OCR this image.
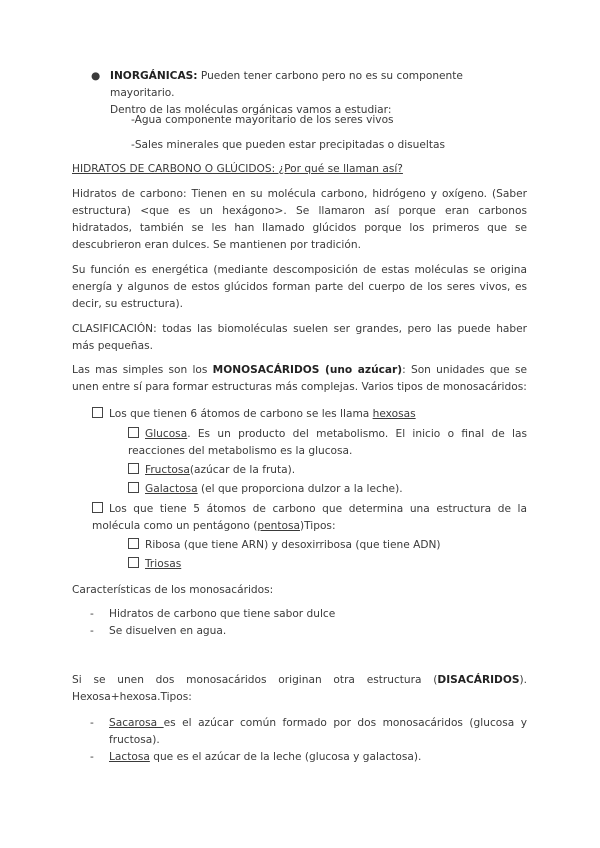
● INORGÁNICAS: Pueden tener carbono pero no es su componente mayoritario.
Dentro de las moléculas orgánicas vamos a estudiar:
-Agua componente mayoritario de los seres vivos
-Sales minerales que pueden estar precipitadas o disueltas
HIDRATOS DE CARBONO O GLÚCIDOS: ¿Por qué se llaman así?
Hidratos de carbono: Tienen en su molécula carbono, hidrógeno y oxígeno. (Saber estructura) <que es un hexágono>. Se llamaron así porque eran carbonos hidratados, también se les han llamado glúcidos porque los primeros que se descubrieron eran dulces. Se mantienen por tradición.
Su función es energética (mediante descomposición de estas moléculas se origina energía y algunos de estos glúcidos forman parte del cuerpo de los seres vivos, es decir, su estructura).
CLASIFICACIÓN: todas las biomoléculas suelen ser grandes, pero las puede haber más pequeñas.
Las mas simples son los MONOSACÁRIDOS (uno azúcar): Son unidades que se unen entre sí para formar estructuras más complejas. Varios tipos de monosacáridos:
Los que tienen 6 átomos de carbono se les llama hexosas
Glucosa. Es un producto del metabolismo. El inicio o final de las reacciones del metabolismo es la glucosa.
Fructosa(azúcar de la fruta).
Galactosa (el que proporciona dulzor a la leche).
Los que tiene 5 átomos de carbono que determina una estructura de la molécula como un pentágono (pentosa)Tipos:
Ribosa (que tiene ARN) y desoxirribosa (que tiene ADN)
Triosas
Características de los monosacáridos:
- Hidratos de carbono que tiene sabor dulce
- Se disuelven en agua.
Si se unen dos monosacáridos originan otra estructura (DISACÁRIDOS). Hexosa+hexosa.Tipos:
- Sacarosa es el azúcar común formado por dos monosacáridos (glucosa y fructosa).
- Lactosa que es el azúcar de la leche (glucosa y galactosa).
